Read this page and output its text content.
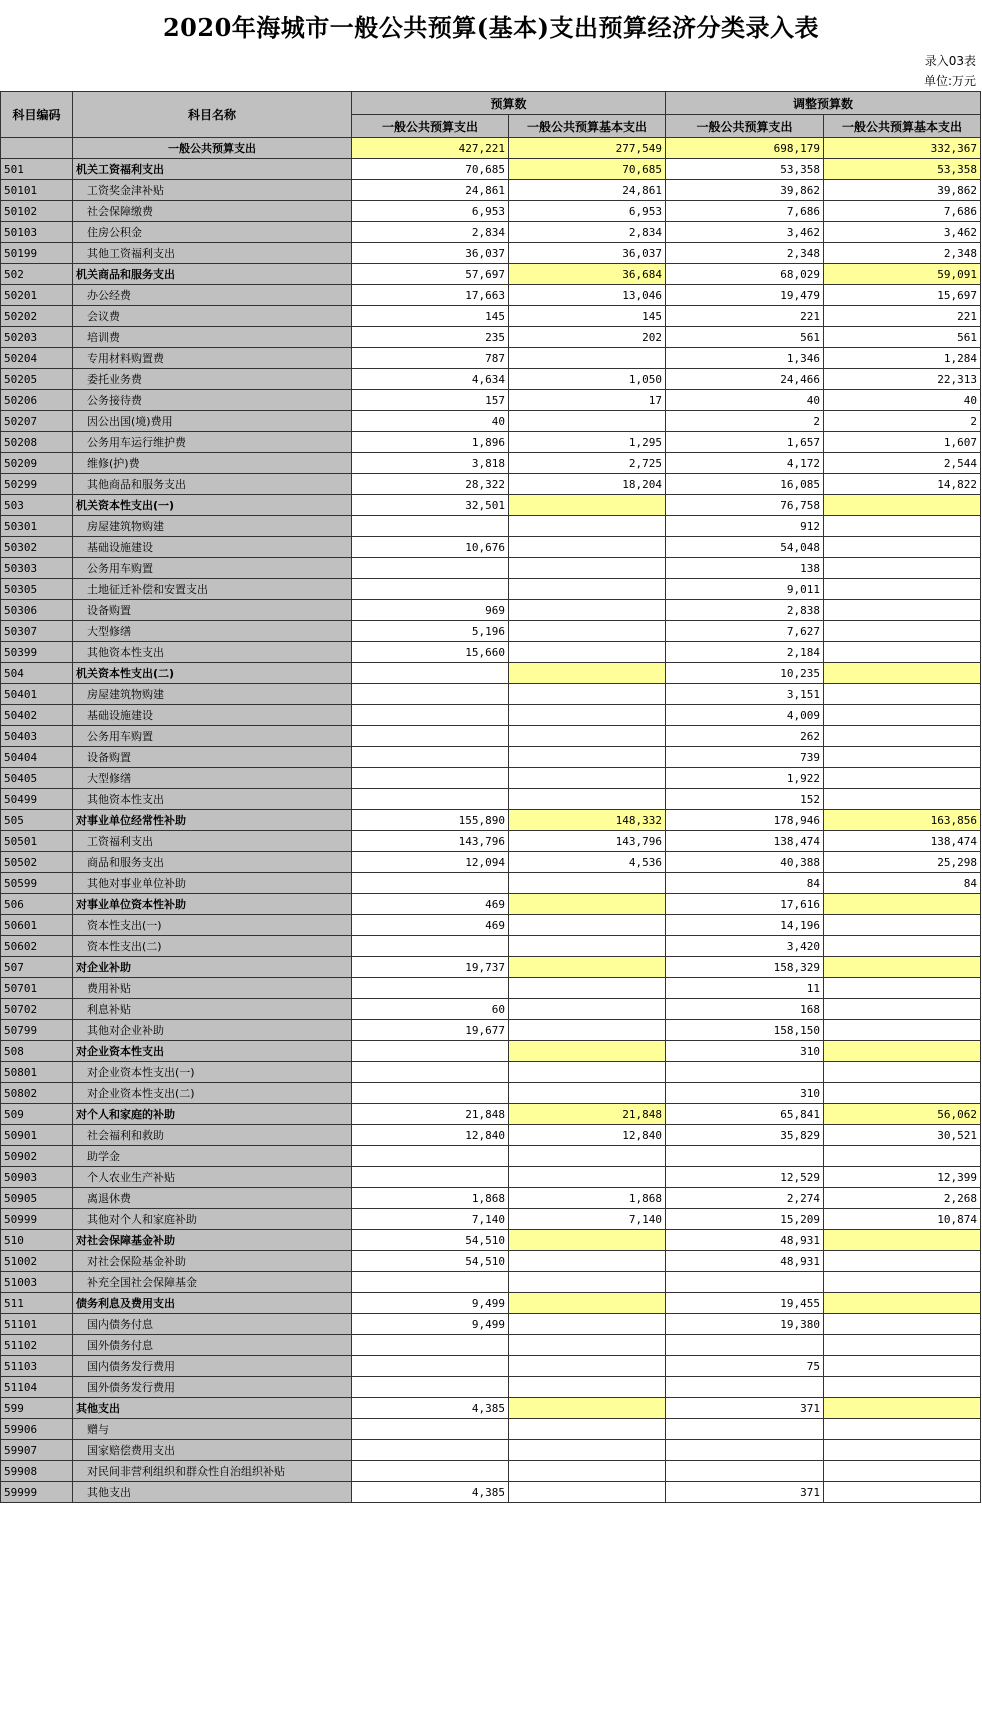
2020年海城市一般公共预算(基本)支出预算经济分类录入表
录入03表
单位:万元
科目编码	科目名称	预算数		调整预算数	
		一般公共预算支出	一般公共预算基本支出	一般公共预算支出	一般公共预算基本支出
	一般公共预算支出	427,221	277,549	698,179	332,367
501	机关工资福利支出	70,685	70,685	53,358	53,358
50101	工资奖金津补贴	24,861	24,861	39,862	39,862
50102	社会保障缴费	6,953	6,953	7,686	7,686
50103	住房公积金	2,834	2,834	3,462	3,462
50199	其他工资福利支出	36,037	36,037	2,348	2,348
502	机关商品和服务支出	57,697	36,684	68,029	59,091
50201	办公经费	17,663	13,046	19,479	15,697
50202	会议费	145	145	221	221
50203	培训费	235	202	561	561
50204	专用材料购置费	787		1,346	1,284
50205	委托业务费	4,634	1,050	24,466	22,313
50206	公务接待费	157	17	40	40
50207	因公出国(境)费用	40		2	2
50208	公务用车运行维护费	1,896	1,295	1,657	1,607
50209	维修(护)费	3,818	2,725	4,172	2,544
50299	其他商品和服务支出	28,322	18,204	16,085	14,822
503	机关资本性支出(一)	32,501		76,758	
50301	房屋建筑物购建			912	
50302	基础设施建设	10,676		54,048	
50303	公务用车购置			138	
50305	土地征迁补偿和安置支出			9,011	
50306	设备购置	969		2,838	
50307	大型修缮	5,196		7,627	
50399	其他资本性支出	15,660		2,184	
504	机关资本性支出(二)			10,235	
50401	房屋建筑物购建			3,151	
50402	基础设施建设			4,009	
50403	公务用车购置			262	
50404	设备购置			739	
50405	大型修缮			1,922	
50499	其他资本性支出			152	
505	对事业单位经常性补助	155,890	148,332	178,946	163,856
50501	工资福利支出	143,796	143,796	138,474	138,474
50502	商品和服务支出	12,094	4,536	40,388	25,298
50599	其他对事业单位补助			84	84
506	对事业单位资本性补助	469		17,616	
50601	资本性支出(一)	469		14,196	
50602	资本性支出(二)			3,420	
507	对企业补助	19,737		158,329	
50701	费用补贴			11	
50702	利息补贴	60		168	
50799	其他对企业补助	19,677		158,150	
508	对企业资本性支出			310	
50801	对企业资本性支出(一)				
50802	对企业资本性支出(二)			310	
509	对个人和家庭的补助	21,848	21,848	65,841	56,062
50901	社会福利和救助	12,840	12,840	35,829	30,521
50902	助学金				
50903	个人农业生产补贴			12,529	12,399
50905	离退休费	1,868	1,868	2,274	2,268
50999	其他对个人和家庭补助	7,140	7,140	15,209	10,874
510	对社会保障基金补助	54,510		48,931	
51002	对社会保险基金补助	54,510		48,931	
51003	补充全国社会保障基金				
511	债务利息及费用支出	9,499		19,455	
51101	国内债务付息	9,499		19,380	
51102	国外债务付息				
51103	国内债务发行费用			75	
51104	国外债务发行费用				
599	其他支出	4,385		371	
59906	赠与				
59907	国家赔偿费用支出				
59908	对民间非营利组织和群众性自治组织补贴				
59999	其他支出	4,385		371	
